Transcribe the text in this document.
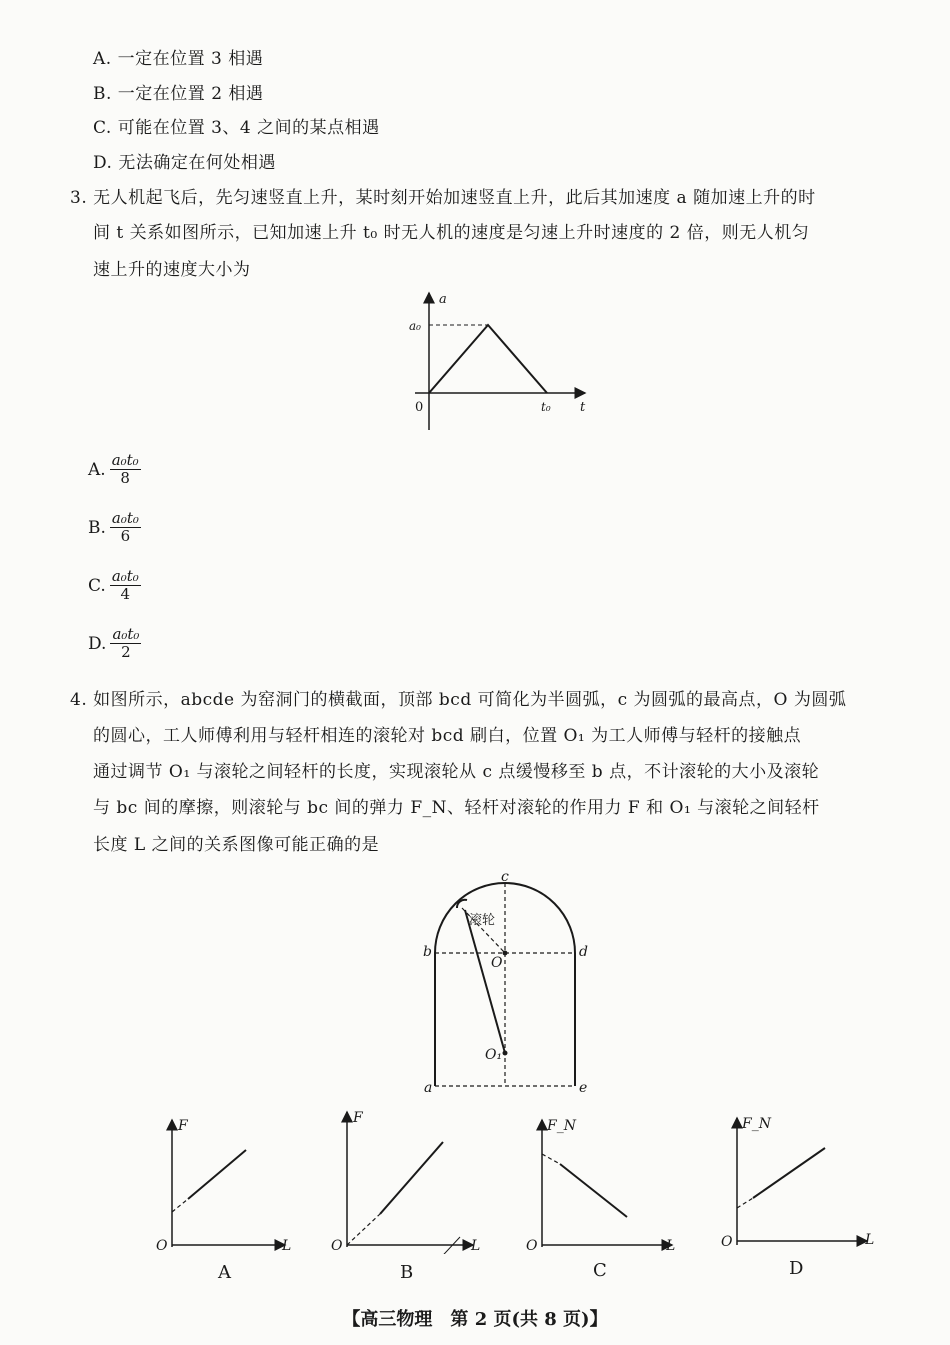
A. 一定在位置 3 相遇
B. 一定在位置 2 相遇
C. 可能在位置 3、4 之间的某点相遇
D. 无法确定在何处相遇
3. 无人机起飞后，先匀速竖直上升，某时刻开始加速竖直上升，此后其加速度 a 随加速上升的时
间 t 关系如图所示，已知加速上升 t₀ 时无人机的速度是匀速上升时速度的 2 倍，则无人机匀
速上升的速度大小为
a
t
0
a₀
t₀
A. $\frac{\text{a₀t₀}}{8}$
B. $\frac{\text{a₀t₀}}{6}$
C. $\frac{\text{a₀t₀}}{4}$
D. $\frac{\text{a₀t₀}}{2}$
4. 如图所示，abcde 为窑洞门的横截面，顶部 bcd 可简化为半圆弧，c 为圆弧的最高点，O 为圆弧
的圆心，工人师傅利用与轻杆相连的滚轮对 bcd 刷白，位置 O₁ 为工人师傅与轻杆的接触点
通过调节 O₁ 与滚轮之间轻杆的长度，实现滚轮从 c 点缓慢移至 b 点，不计滚轮的大小及滚轮
与 bc 间的摩擦，则滚轮与 bc 间的弹力 F_N、轻杆对滚轮的作用力 F 和 O₁ 与滚轮之间轻杆
长度 L 之间的关系图像可能正确的是
c
b	d
a	e
O
O₁
滚轮
F
L
O
F
L
O
F_N
L
O
F_N
L
O
A	B	C	D
【高三物理　第 2 页(共 8 页)】
